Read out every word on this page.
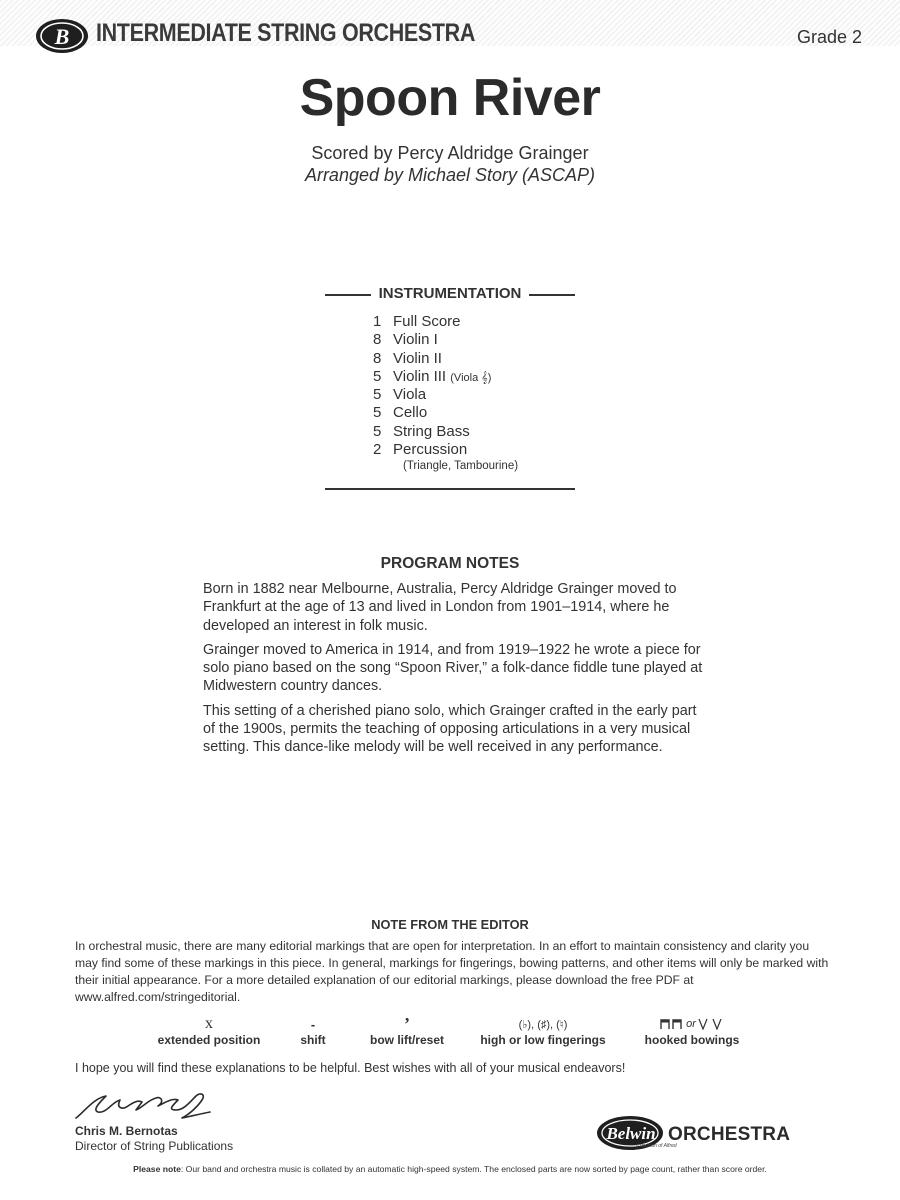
B INTERMEDIATE STRING ORCHESTRA	Grade 2
Spoon River
Scored by Percy Aldridge Grainger
Arranged by Michael Story (ASCAP)
INSTRUMENTATION
1 Full Score
8 Violin I
8 Violin II
5 Violin III (Viola 𝄞)
5 Viola
5 Cello
5 String Bass
2 Percussion
(Triangle, Tambourine)
PROGRAM NOTES

Born in 1882 near Melbourne, Australia, Percy Aldridge Grainger moved to Frankfurt at the age of 13 and lived in London from 1901–1914, where he developed an interest in folk music.

Grainger moved to America in 1914, and from 1919–1922 he wrote a piece for solo piano based on the song “Spoon River,” a folk-dance fiddle tune played at Midwestern country dances.

This setting of a cherished piano solo, which Grainger crafted in the early part of the 1900s, permits the teaching of opposing articulations in a very musical setting. This dance-like melody will be well received in any performance.

NOTE FROM THE EDITOR
In orchestral music, there are many editorial markings that are open for interpretation. In an effort to maintain consistency and clarity you may find some of these markings in this piece. In general, markings for fingerings, bowing patterns, and other items will only be marked with their initial appearance. For a more detailed explanation of our editorial markings, please download the free PDF at www.alfred.com/stringeditorial.
x
extended position
-
shift
’
bow lift/reset
(♭), (♯), (♮)
high or low fingerings
or
hooked bowings
I hope you will find these explanations to be helpful. Best wishes with all of your musical endeavors!
Chris M. Bernotas
Director of String Publications
Belwin ORCHESTRA
a division of Alfred
Please note: Our band and orchestra music is collated by an automatic high-speed system. The enclosed parts are now sorted by page count, rather than score order.
